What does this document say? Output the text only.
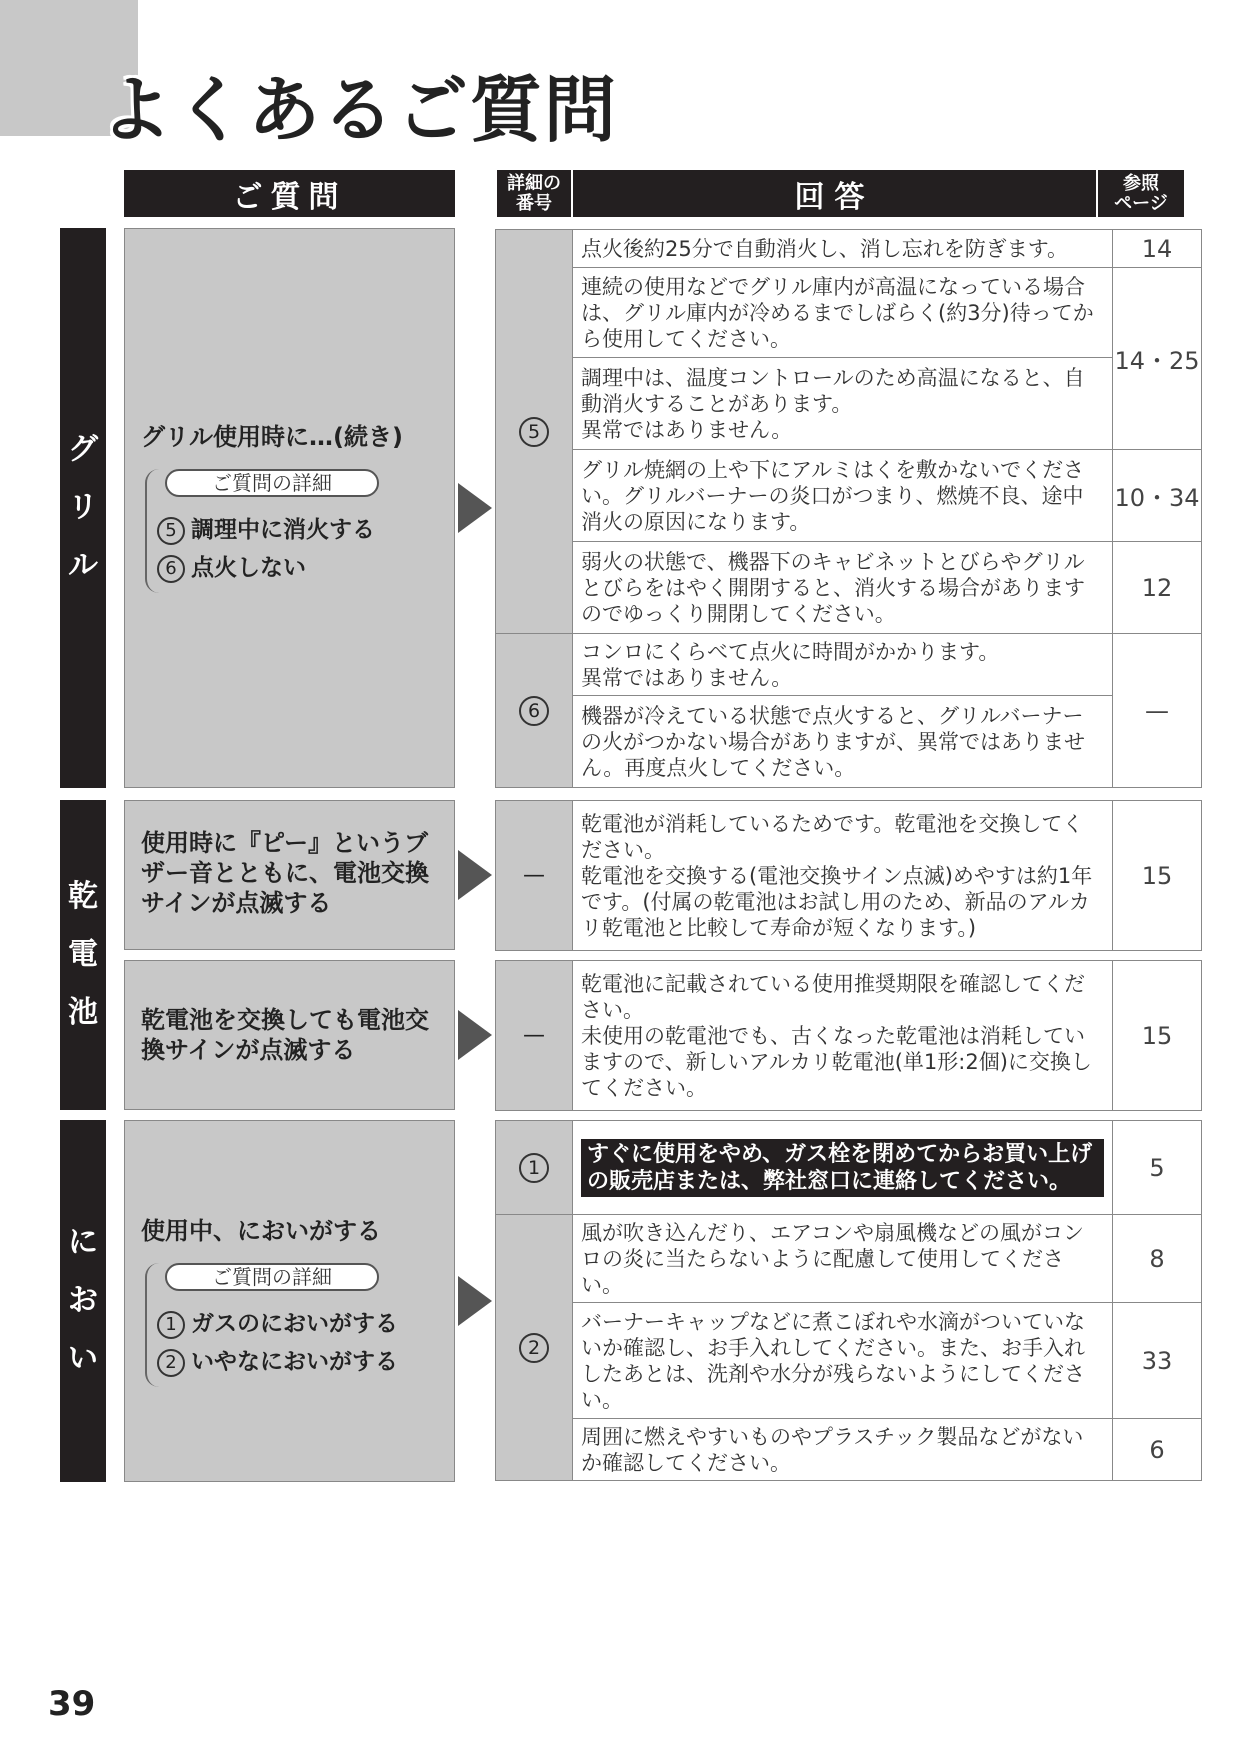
よくあるご質問
ご質問	詳細の
番号	回答	参照
ページ
グ
リ
ル
グリル使用時に…(続き)
ご質問の詳細
5 調理中に消火する
6 点火しない
5	点火後約25分で自動消火し、消し忘れを防ぎます。	14
	連続の使用などでグリル庫内が高温になっている場合は、グリル庫内が冷めるまでしばらく(約3分)待ってから使用してください。	14・25
	調理中は、温度コントロールのため高温になると、自動消火することがあります。
異常ではありません。	
	グリル焼網の上や下にアルミはくを敷かないでください。グリルバーナーの炎口がつまり、燃焼不良、途中消火の原因になります。	10・34
	弱火の状態で、機器下のキャビネットとびらやグリルとびらをはやく開閉すると、消火する場合がありますのでゆっくり開閉してください。	12
6	コンロにくらべて点火に時間がかかります。
異常ではありません。	—
	機器が冷えている状態で点火すると、グリルバーナーの火がつかない場合がありますが、異常ではありません。再度点火してください。	
乾
電
池
使用時に『ピー』というブザー音とともに、電池交換サインが点滅する
—	乾電池が消耗しているためです。乾電池を交換してください。
乾電池を交換する(電池交換サイン点滅)めやすは約1年です。(付属の乾電池はお試し用のため、新品のアルカリ乾電池と比較して寿命が短くなります。)	15
乾電池を交換しても電池交換サインが点滅する
—	乾電池に記載されている使用推奨期限を確認してください。
未使用の乾電池でも、古くなった乾電池は消耗していますので、新しいアルカリ乾電池(単1形:2個)に交換してください。	15
に
お
い
使用中、においがする
ご質問の詳細
1 ガスのにおいがする
2 いやなにおいがする
1	すぐに使用をやめ、ガス栓を閉めてからお買い上げの販売店または、弊社窓口に連絡してください。	5
2	風が吹き込んだり、エアコンや扇風機などの風がコンロの炎に当たらないように配慮して使用してください。	8
	バーナーキャップなどに煮こぼれや水滴がついていないか確認し、お手入れしてください。また、お手入れしたあとは、洗剤や水分が残らないようにしてください。	33
	周囲に燃えやすいものやプラスチック製品などがないか確認してください。	6
39
